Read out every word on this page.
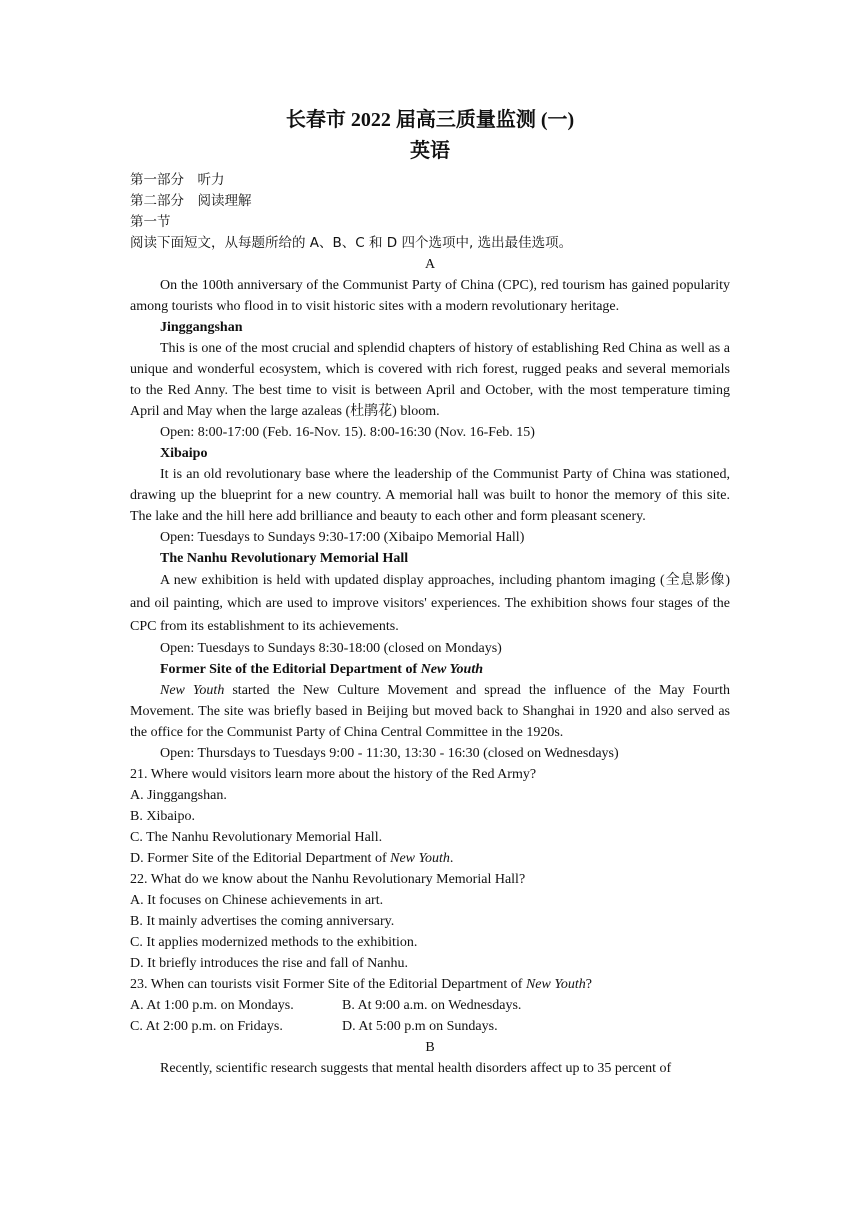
长春市 2022 届高三质量监测 (一)

英语

第一部分　听力

第二部分　阅读理解

第一节

阅读下面短文，从每题所给的 A、B、C 和 D 四个选项中, 选出最佳选项。

A

On the 100th anniversary of the Communist Party of China (CPC), red tourism has gained popularity among tourists who flood in to visit historic sites with a modern revolutionary heritage.

Jinggangshan

This is one of the most crucial and splendid chapters of history of establishing Red China as well as a unique and wonderful ecosystem, which is covered with rich forest, rugged peaks and several memorials to the Red Anny. The best time to visit is between April and October, with the most temperature timing April and May when the large azaleas (杜鹃花) bloom.

Open: 8:00-17:00 (Feb. 16-Nov. 15). 8:00-16:30 (Nov. 16-Feb. 15)

Xibaipo

It is an old revolutionary base where the leadership of the Communist Party of China was stationed, drawing up the blueprint for a new country. A memorial hall was built to honor the memory of this site. The lake and the hill here add brilliance and beauty to each other and form pleasant scenery.

Open: Tuesdays to Sundays 9:30-17:00 (Xibaipo Memorial Hall)

The Nanhu Revolutionary Memorial Hall

A new exhibition is held with updated display approaches, including phantom imaging (全息影像) and oil painting, which are used to improve visitors' experiences. The exhibition shows four stages of the CPC from its establishment to its achievements.

Open: Tuesdays to Sundays 8:30-18:00 (closed on Mondays)

Former Site of the Editorial Department of New Youth

New Youth started the New Culture Movement and spread the influence of the May Fourth Movement. The site was briefly based in Beijing but moved back to Shanghai in 1920 and also served as the office for the Communist Party of China Central Committee in the 1920s.

Open: Thursdays to Tuesdays 9:00 - 11:30, 13:30 - 16:30 (closed on Wednesdays)

21. Where would visitors learn more about the history of the Red Army?

A. Jinggangshan.

B. Xibaipo.

C. The Nanhu Revolutionary Memorial Hall.

D. Former Site of the Editorial Department of New Youth.

22. What do we know about the Nanhu Revolutionary Memorial Hall?

A. It focuses on Chinese achievements in art.

B. It mainly advertises the coming anniversary.

C. It applies modernized methods to the exhibition.

D. It briefly introduces the rise and fall of Nanhu.

23. When can tourists visit Former Site of the Editorial Department of New Youth?

A. At 1:00 p.m. on Mondays.	B. At 9:00 a.m. on Wednesdays.
C. At 2:00 p.m. on Fridays.	D. At 5:00 p.m on Sundays.

B

Recently, scientific research suggests that mental health disorders affect up to 35 percent of
